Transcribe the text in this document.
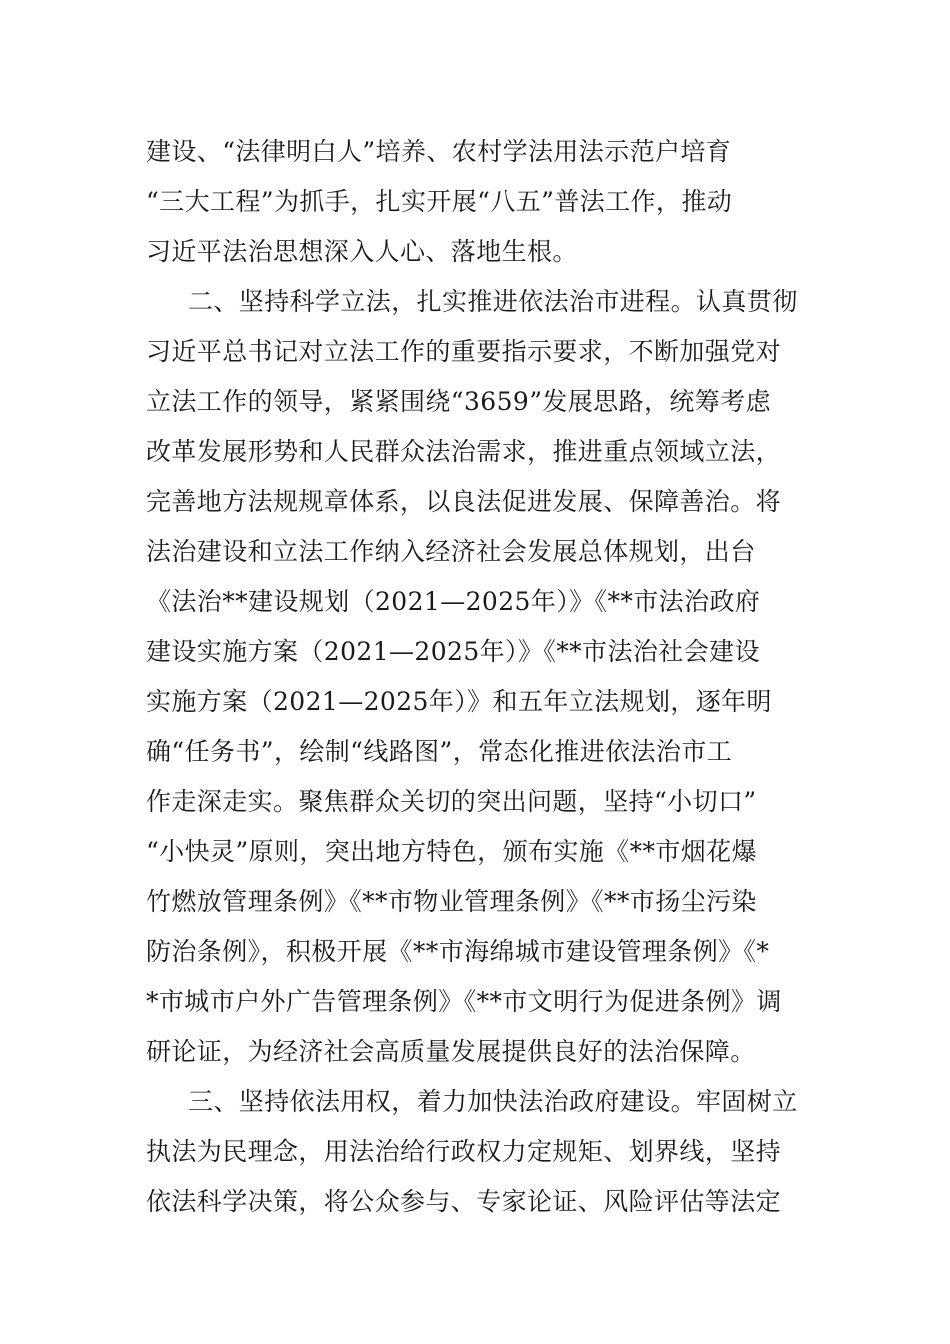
建设、“法律明白人”培养、农村学法用法示范户培育
“三大工程”为抓手，扎实开展“八五”普法工作，推动
习近平法治思想深入人心、落地生根。
二、坚持科学立法，扎实推进依法治市进程。认真贯彻
习近平总书记对立法工作的重要指示要求，不断加强党对
立法工作的领导，紧紧围绕“3659”发展思路，统筹考虑
改革发展形势和人民群众法治需求，推进重点领域立法，
完善地方法规规章体系，以良法促进发展、保障善治。将
法治建设和立法工作纳入经济社会发展总体规划，出台
《法治**建设规划（2021—2025年）》《**市法治政府
建设实施方案（2021—2025年）》《**市法治社会建设
实施方案（2021—2025年）》和五年立法规划，逐年明
确“任务书”，绘制“线路图”，常态化推进依法治市工
作走深走实。聚焦群众关切的突出问题，坚持“小切口”
“小快灵”原则，突出地方特色，颁布实施《**市烟花爆
竹燃放管理条例》《**市物业管理条例》《**市扬尘污染
防治条例》，积极开展《**市海绵城市建设管理条例》《*
*市城市户外广告管理条例》《**市文明行为促进条例》调
研论证，为经济社会高质量发展提供良好的法治保障。
三、坚持依法用权，着力加快法治政府建设。牢固树立
执法为民理念，用法治给行政权力定规矩、划界线，坚持
依法科学决策，将公众参与、专家论证、风险评估等法定
